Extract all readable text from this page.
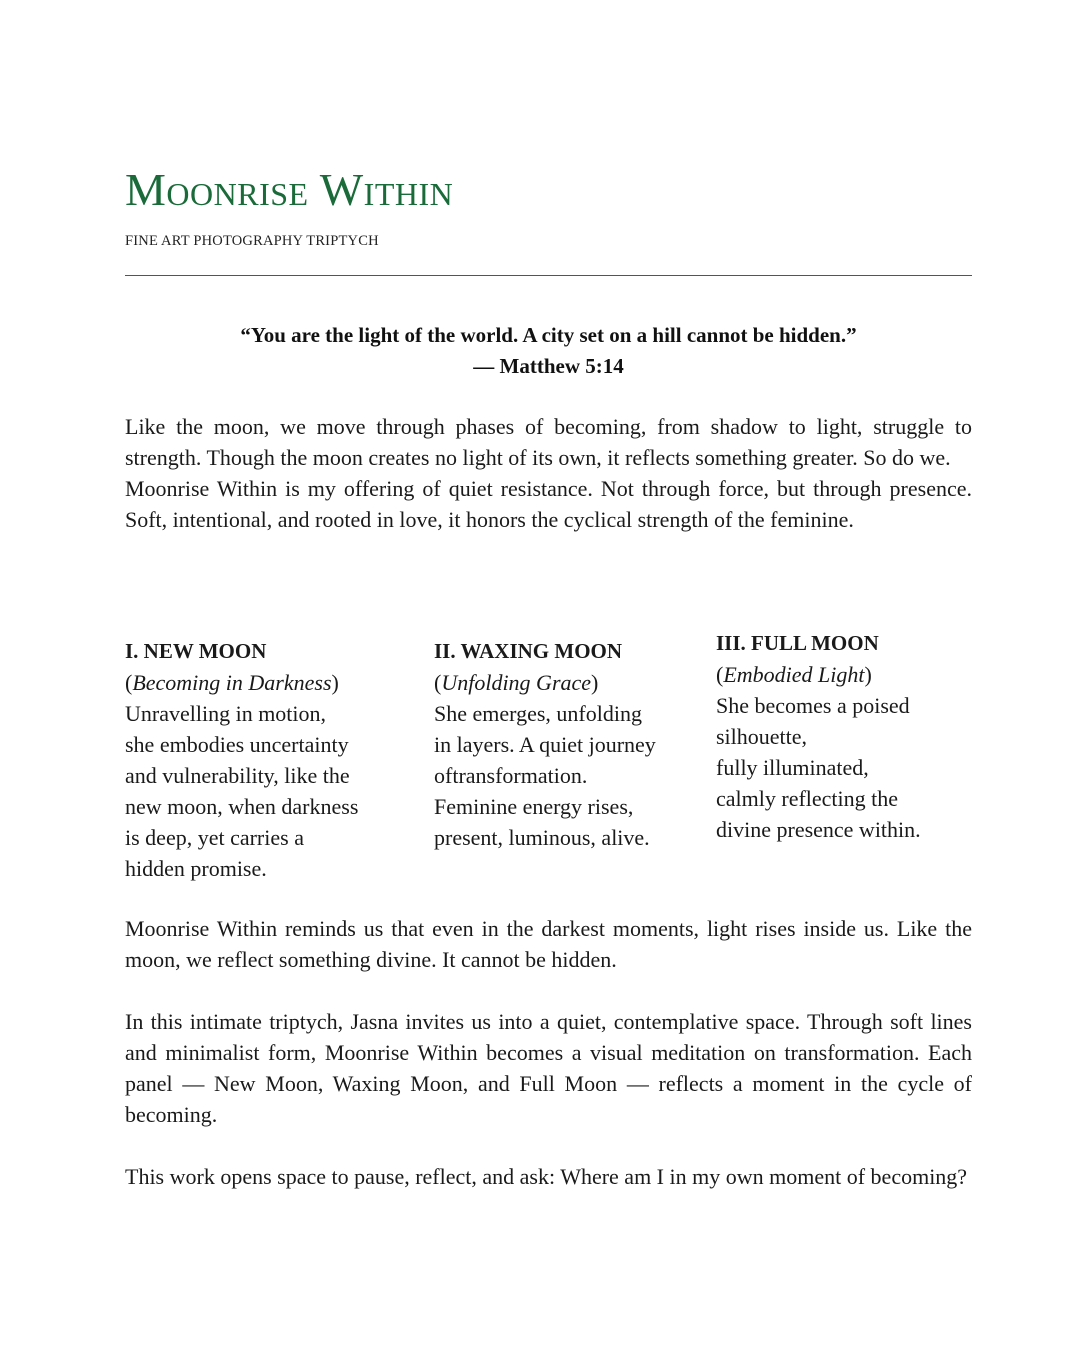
Moonrise Within
FINE ART PHOTOGRAPHY TRIPTYCH
“You are the light of the world. A city set on a hill cannot be hidden.”
— Matthew 5:14

Like the moon, we move through phases of becoming, from shadow to light, struggle to strength. Though the moon creates no light of its own, it reflects something greater. So do we.

Moonrise Within is my offering of quiet resistance. Not through force, but through presence. Soft, intentional, and rooted in love, it honors the cyclical strength of the feminine.

I. NEW MOON
(Becoming in Darkness)
Unravelling in motion,
she embodies uncertainty
and vulnerability, like the
new moon, when darkness
is deep, yet carries a
hidden promise.
II. WAXING MOON
(Unfolding Grace)
She emerges, unfolding
in layers. A quiet journey
oftransformation.
Feminine energy rises,
present, luminous, alive.
III. FULL MOON
(Embodied Light)
She becomes a poised
silhouette,
fully illuminated,
calmly reflecting the
divine presence within.

Moonrise Within reminds us that even in the darkest moments, light rises inside us. Like the moon, we reflect something divine. It cannot be hidden.

In this intimate triptych, Jasna invites us into a quiet, contemplative space. Through soft lines and minimalist form, Moonrise Within becomes a visual meditation on transformation. Each panel — New Moon, Waxing Moon, and Full Moon — reflects a moment in the cycle of becoming.

This work opens space to pause, reflect, and ask: Where am I in my own moment of becoming?
